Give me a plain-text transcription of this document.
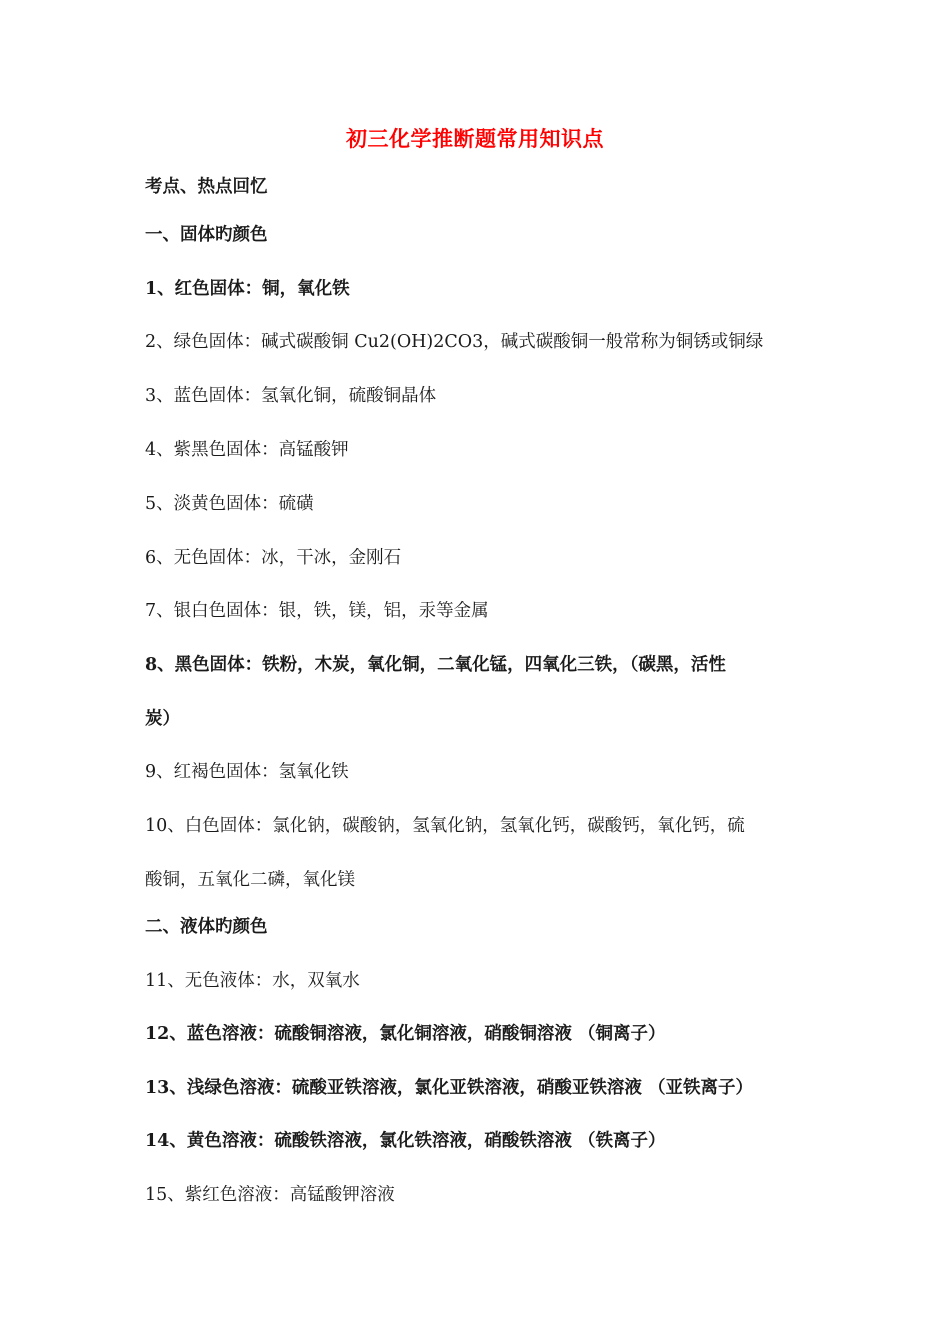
初三化学推断题常用知识点
考点、热点回忆
一、固体旳颜色
1、红色固体：铜，氧化铁
2、绿色固体：碱式碳酸铜 Cu2(OH)2CO3，碱式碳酸铜一般常称为铜锈或铜绿
3、蓝色固体：氢氧化铜，硫酸铜晶体
4、紫黑色固体：高锰酸钾
5、淡黄色固体：硫磺
6、无色固体：冰，干冰，金刚石
7、银白色固体：银，铁，镁，铝，汞等金属
8、黑色固体：铁粉，木炭，氧化铜，二氧化锰，四氧化三铁，（碳黑，活性
炭）
9、红褐色固体：氢氧化铁
10、白色固体：氯化钠，碳酸钠，氢氧化钠，氢氧化钙，碳酸钙，氧化钙，硫
酸铜，五氧化二磷，氧化镁
二、液体旳颜色
11、无色液体：水，双氧水
12、蓝色溶液：硫酸铜溶液，氯化铜溶液，硝酸铜溶液 （铜离子）
13、浅绿色溶液：硫酸亚铁溶液，氯化亚铁溶液，硝酸亚铁溶液 （亚铁离子）
14、黄色溶液：硫酸铁溶液，氯化铁溶液，硝酸铁溶液 （铁离子）
15、紫红色溶液：高锰酸钾溶液
